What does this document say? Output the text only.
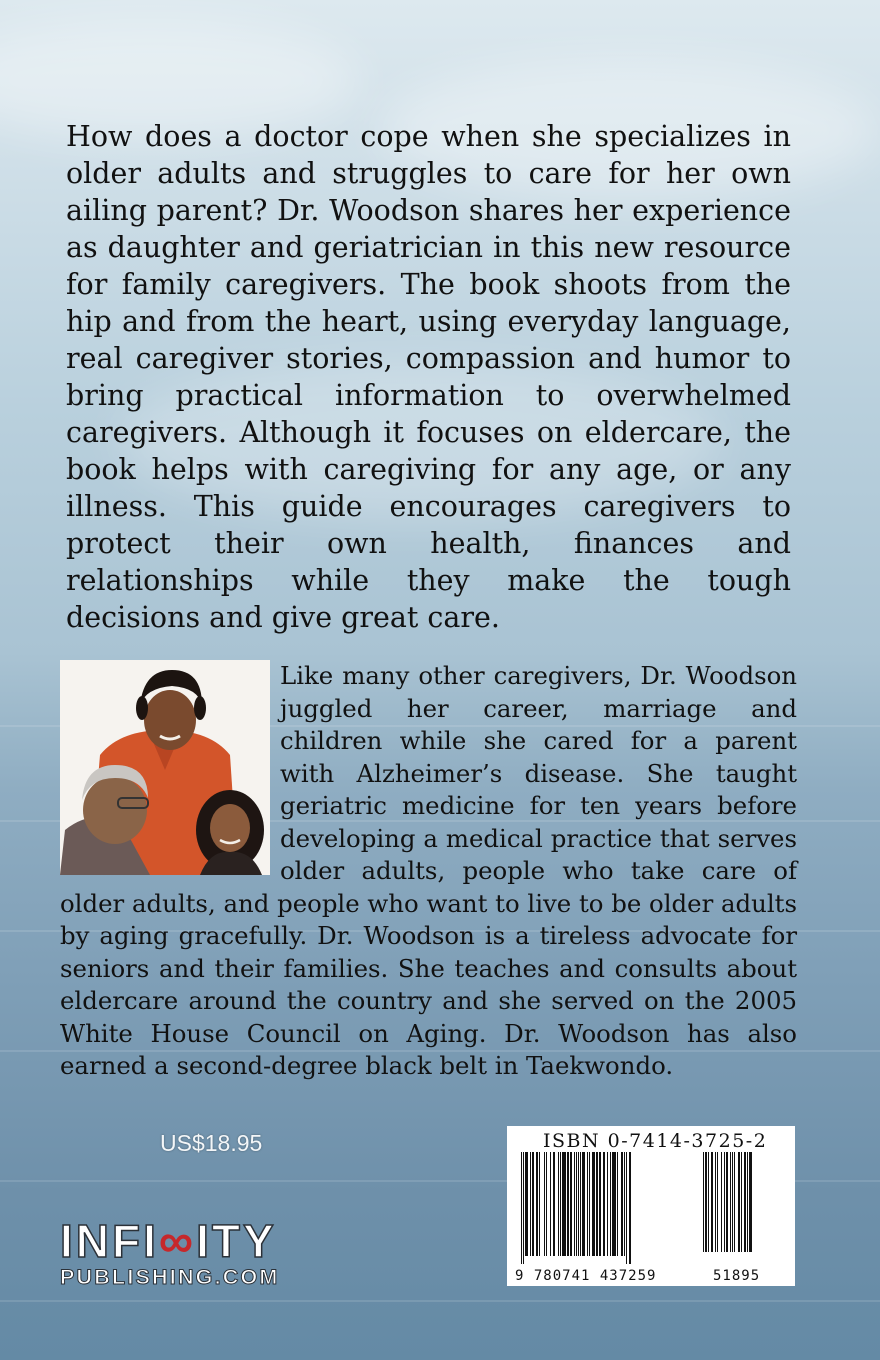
How does a doctor cope when she specializes in older adults and struggles to care for her own ailing parent? Dr. Woodson shares her experience as daughter and geriatrician in this new resource for family caregivers. The book shoots from the hip and from the heart, using everyday language, real caregiver stories, compassion and humor to bring practical information to overwhelmed caregivers. Although it focuses on eldercare, the book helps with caregiving for any age, or any illness. This guide encourages caregivers to protect their own health, finances and relationships while they make the tough decisions and give great care.
Like many other caregivers, Dr. Woodson juggled her career, marriage and children while she cared for a parent with Alzheimer’s disease. She taught geriatric medicine for ten years before developing a medical practice that serves older adults, people who take care of older adults, and people who want to live to be older adults by aging gracefully. Dr. Woodson is a tireless advocate for seniors and their families. She teaches and consults about eldercare around the country and she served on the 2005 White House Council on Aging. Dr. Woodson has also earned a second-degree black belt in Taekwondo.
US$18.95
INFI∞ITY
PUBLISHING.COM
ISBN 0-7414-3725-2
9 780741 437259	51895
